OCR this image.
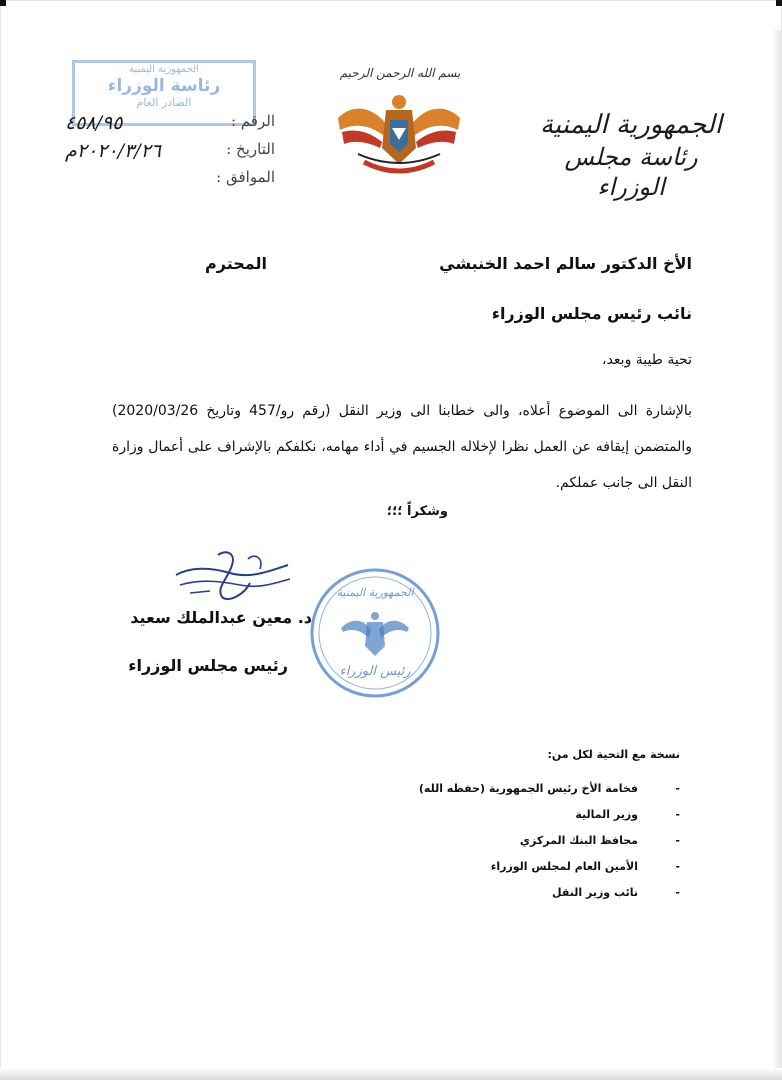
الجمهورية اليمنية
رئاسة مجلس الوزراء
بسم الله الرحمن الرحيم
الجمهورية اليمنية
رئاسة الوزراء
الصادر العام
الرقم :
٤٥٨/٩٥
التاريخ :
٢٠٢٠/٣/٢٦م
الموافق :
الأخ الدكتور سالم احمد الخنبشي
المحترم
نائب رئيس مجلس الوزراء
تحية طيبة وبعد،
بالإشارة الى الموضوع أعلاه، والى خطابنا الى وزير النقل (رقم رو/457 وتاريخ 2020/03/26) والمتضمن إيقافه عن العمل نظرا لإخلاله الجسيم في أداء مهامه، نكلفكم بالإشراف على أعمال وزارة النقل الى جانب عملكم.
وشكراً ؛؛؛
الجمهورية اليمنية
رئيس الوزراء
د. معين عبدالملك سعيد
رئيس مجلس الوزراء
نسخة مع التحية لكل من:
-
فخامة الأخ رئيس الجمهورية (حفظه الله)
-
وزير المالية
-
محافظ البنك المركزي
-
الأمين العام لمجلس الوزراء
-
نائب وزير النقل
